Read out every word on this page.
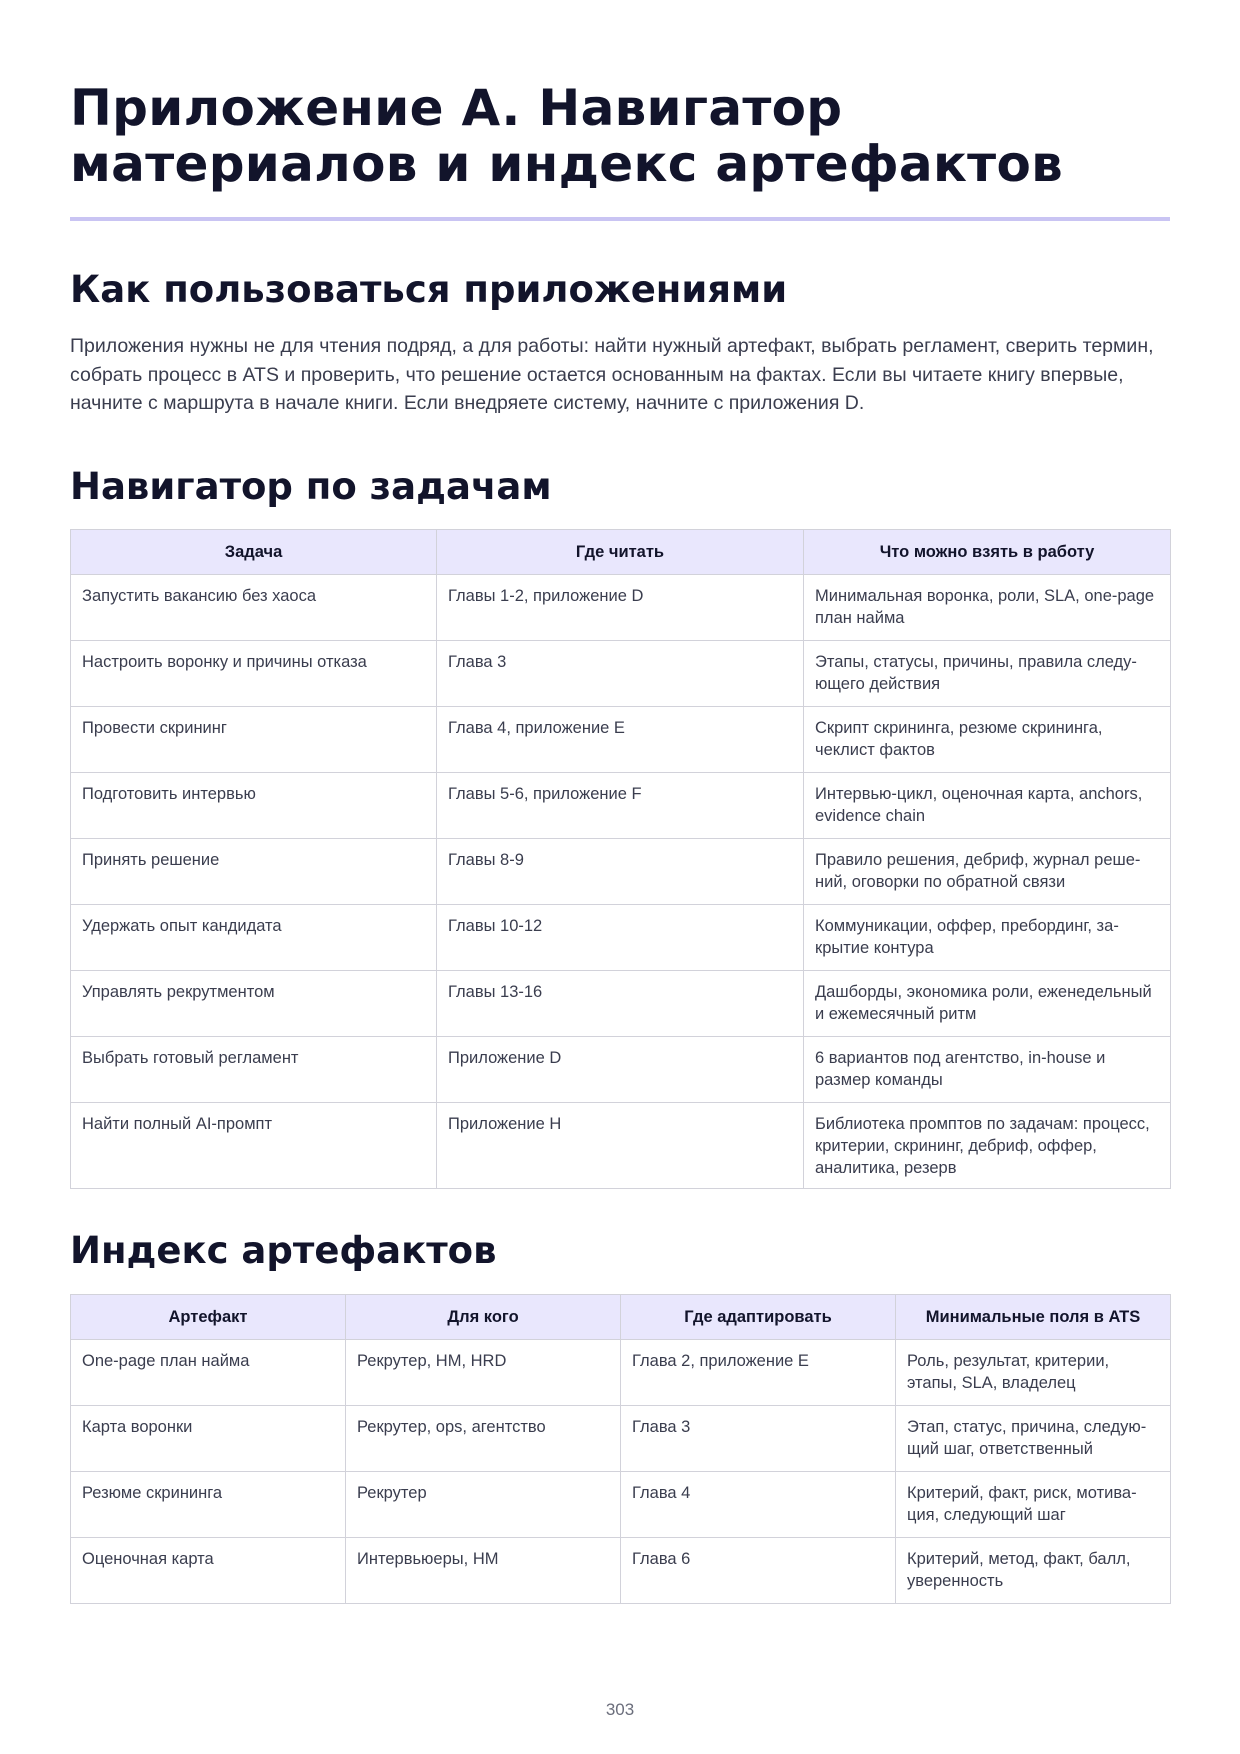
Приложение A. Навигатор материалов и индекс артефактов
Как пользоваться приложениями

Приложения нужны не для чтения подряд, а для работы: найти нужный артефакт, выбрать регламент, сверить термин, собрать процесс в ATS и проверить, что решение остается основанным на фактах. Если вы читаете книгу впервые, начните с маршрута в начале книги. Если внедряете систему, начните с приложения D.

Навигатор по задачам
Задача	Где читать	Что можно взять в работу
Запустить вакансию без хаоса	Главы 1-2, приложение D	Минимальная воронка, роли, SLA, one-page план найма
Настроить воронку и причины отказа	Глава 3	Этапы, статусы, причины, правила следующего действия
Провести скрининг	Глава 4, приложение E	Скрипт скрининга, резюме скрининга, чеклист фактов
Подготовить интервью	Главы 5-6, приложение F	Интервью-цикл, оценочная карта, anchors, evidence chain
Принять решение	Главы 8-9	Правило решения, дебриф, журнал решений, оговорки по обратной связи
Удержать опыт кандидата	Главы 10-12	Коммуникации, оффер, пребординг, закрытие контура
Управлять рекрутментом	Главы 13-16	Дашборды, экономика роли, еженедельный и ежемесячный ритм
Выбрать готовый регламент	Приложение D	6 вариантов под агентство, in-house и размер команды
Найти полный AI-промпт	Приложение H	Библиотека промптов по задачам: процесс, критерии, скрининг, дебриф, оффер, аналитика, резерв
Индекс артефактов
Артефакт	Для кого	Где адаптировать	Минимальные поля в ATS
One-page план найма	Рекрутер, HM, HRD	Глава 2, приложение E	Роль, результат, критерии, этапы, SLA, владелец
Карта воронки	Рекрутер, ops, агентство	Глава 3	Этап, статус, причина, следующий шаг, ответственный
Резюме скрининга	Рекрутер	Глава 4	Критерий, факт, риск, мотивация, следующий шаг
Оценочная карта	Интервьюеры, HM	Глава 6	Критерий, метод, факт, балл, уверенность
303
